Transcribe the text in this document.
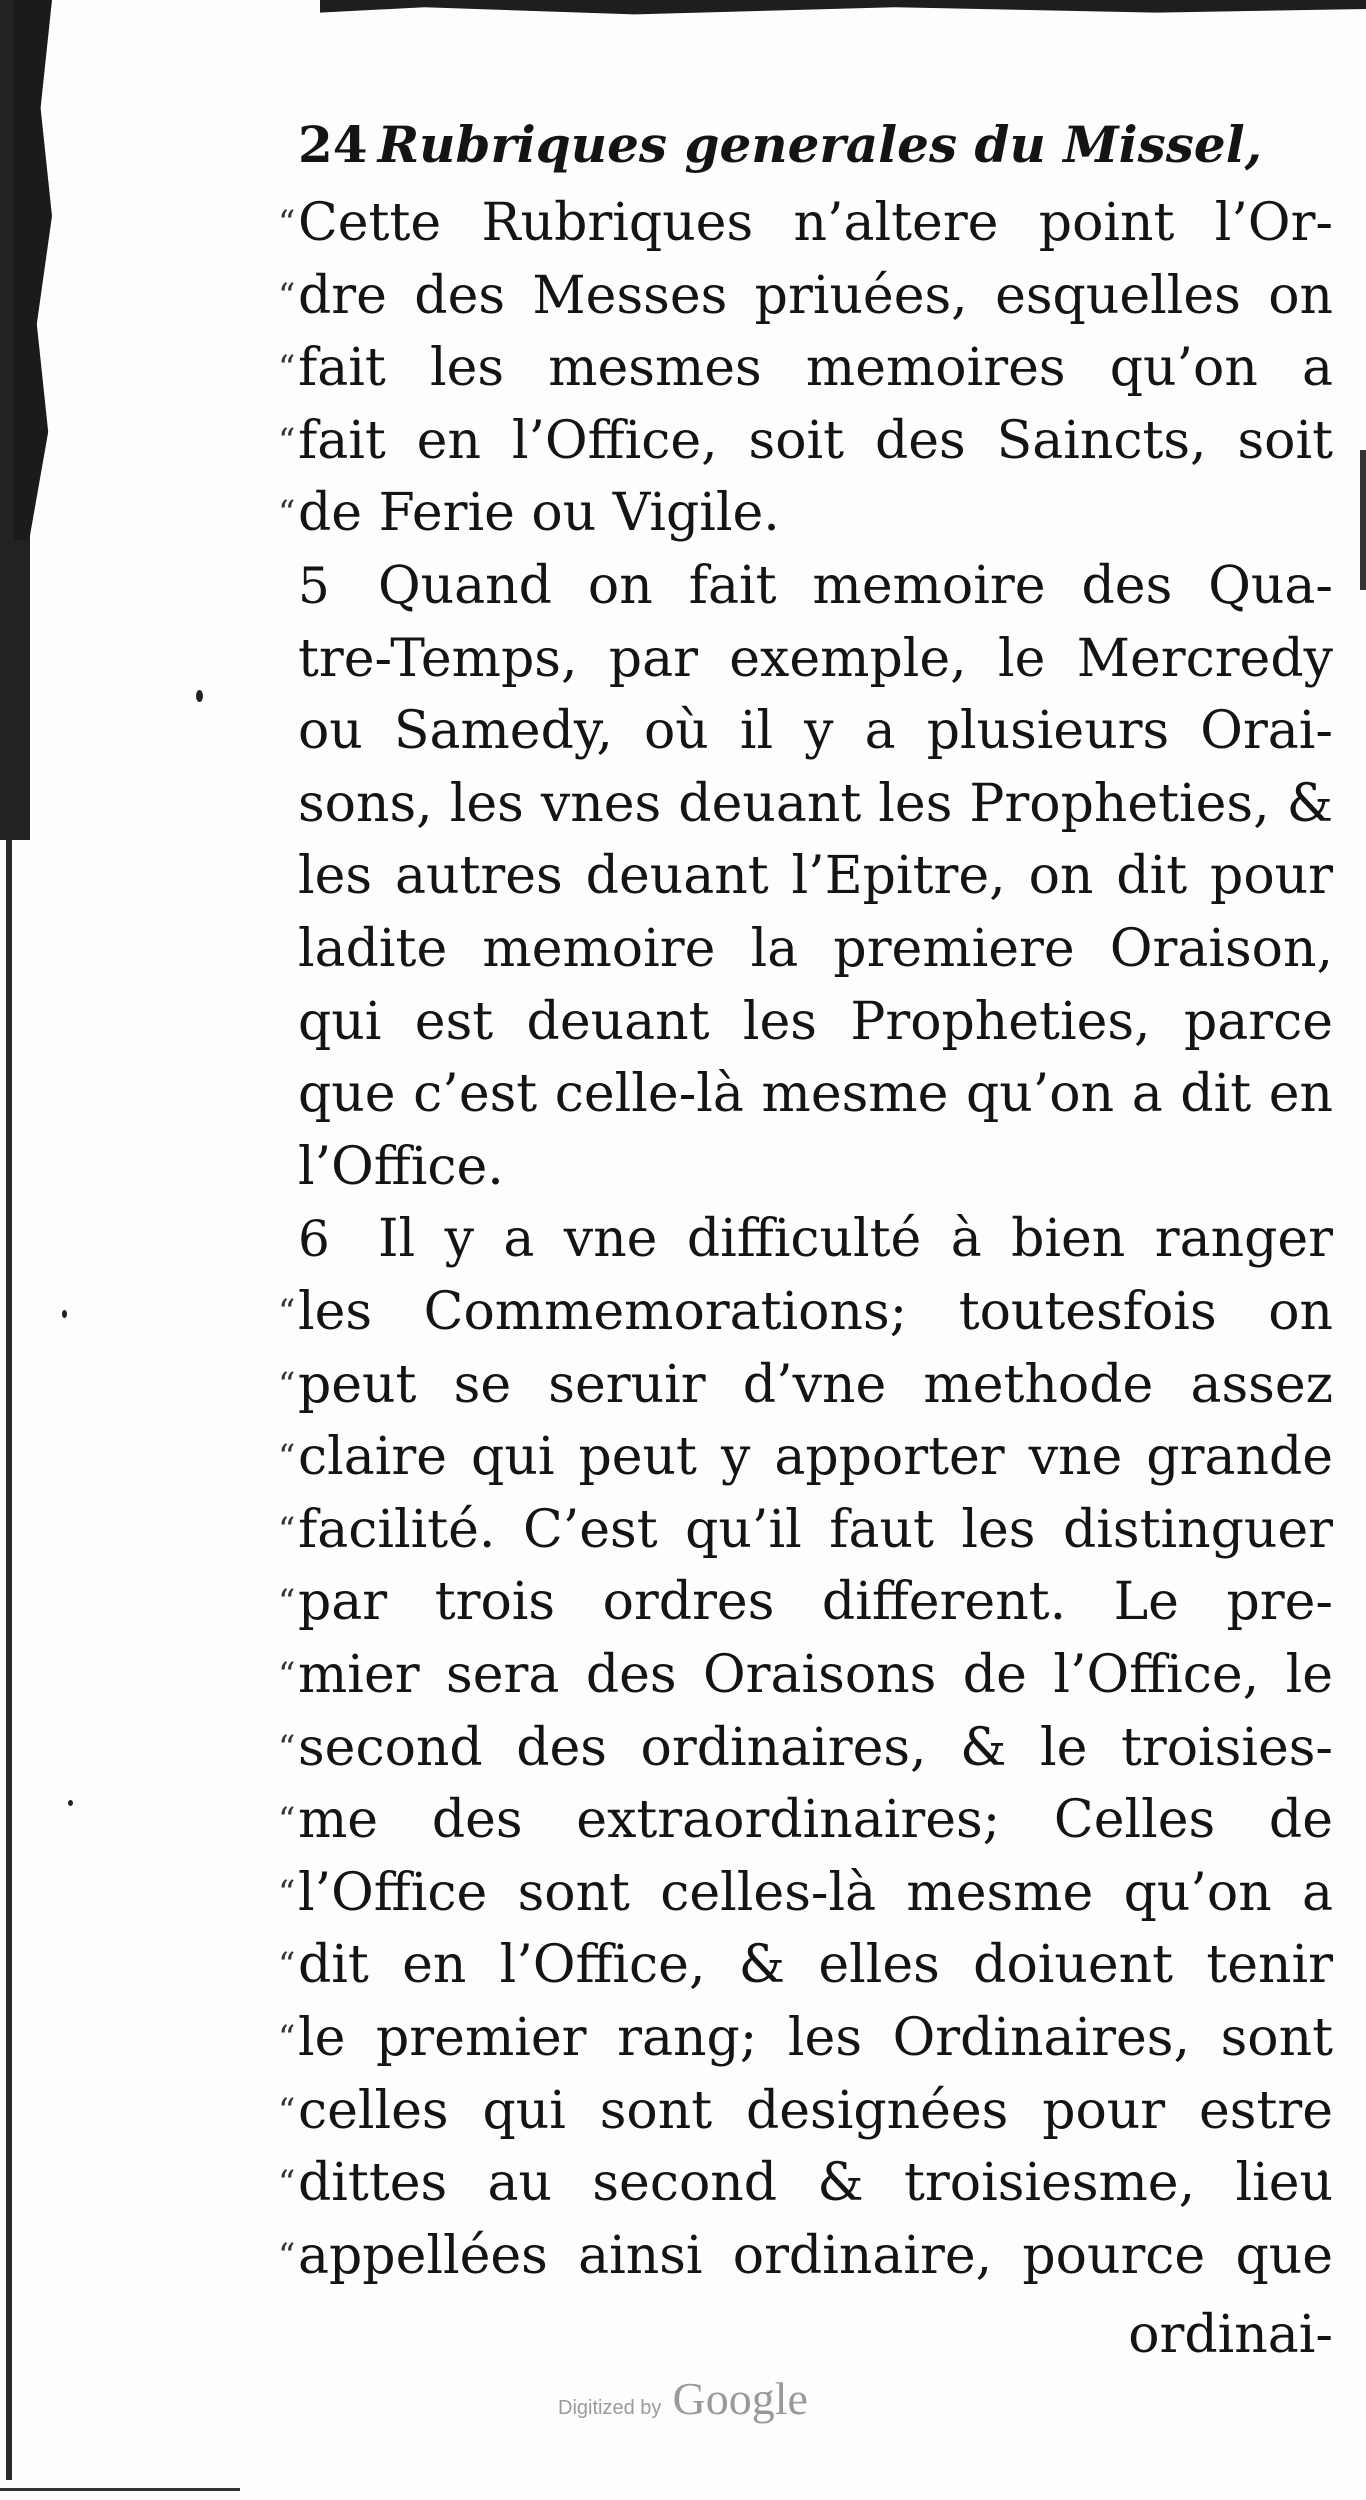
24 Rubriques generales du Missel,
“ Cette Rubriques n’altere point l’Or-
“ dre des Messes priuées, esquelles on
“ fait les mesmes memoires qu’on a
“ fait en l’Office, soit des Saincts, soit
“ de Ferie ou Vigile.
5 Quand on fait memoire des Qua-
tre-Temps, par exemple, le Mercredy
ou Samedy, où il y a plusieurs Orai-
sons, les vnes deuant les Propheties, &
les autres deuant l’Epitre, on dit pour
ladite memoire la premiere Oraison,
qui est deuant les Propheties, parce
que c’est celle-là mesme qu’on a dit en
l’Office.
6 Il y a vne difficulté à bien ranger
“ les Commemorations; toutesfois on
“ peut se seruir d’vne methode assez
“ claire qui peut y apporter vne grande
“ facilité. C’est qu’il faut les distinguer
“ par trois ordres different. Le pre-
“ mier sera des Oraisons de l’Office, le
“ second des ordinaires, & le troisies-
“ me des extraordinaires; Celles de
“ l’Office sont celles-là mesme qu’on a
“ dit en l’Office, & elles doiuent tenir
“ le premier rang; les Ordinaires, sont
“ celles qui sont designées pour estre
“ dittes au second & troisiesme, lieu
“ appellées ainsi ordinaire, pource que
ordinai-
Digitized by Google
